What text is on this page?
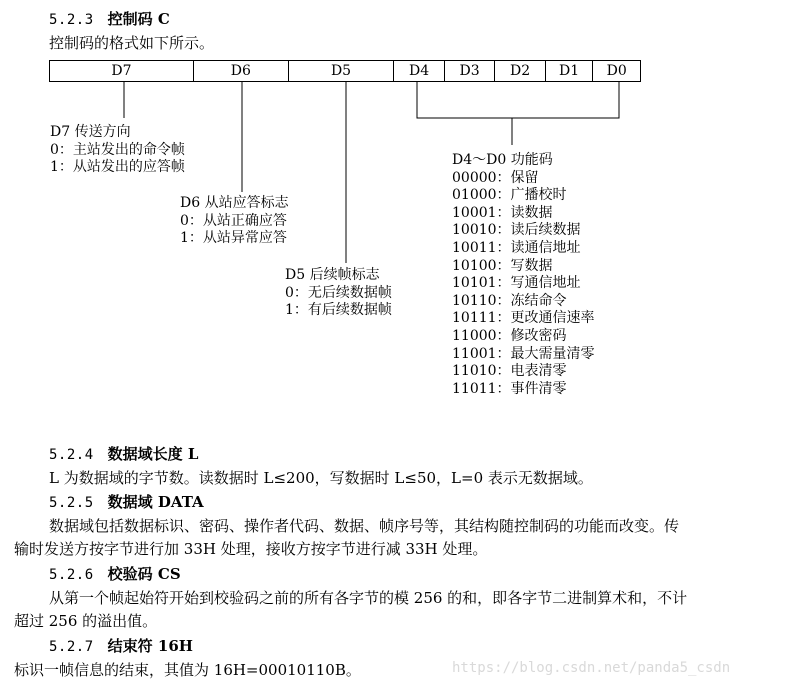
5.2.3 控制码 C
控制码的格式如下所示。
D7	D6	D5	D4	D3	D2	D1	D0
D7 传送方向
0：主站发出的命令帧
1：从站发出的应答帧
D6 从站应答标志
0：从站正确应答
1：从站异常应答
D5 后续帧标志
0：无后续数据帧
1：有后续数据帧
D4～D0 功能码
00000：保留
01000：广播校时
10001：读数据
10010：读后续数据
10011：读通信地址
10100：写数据
10101：写通信地址
10110：冻结命令
10111：更改通信速率
11000：修改密码
11001：最大需量清零
11010：电表清零
11011：事件清零
5.2.4 数据域长度 L
L 为数据域的字节数。读数据时 L≤200，写数据时 L≤50，L=0 表示无数据域。
5.2.5 数据域 DATA
数据域包括数据标识、密码、操作者代码、数据、帧序号等，其结构随控制码的功能而改变。传
输时发送方按字节进行加 33H 处理，接收方按字节进行减 33H 处理。
5.2.6 校验码 CS
从第一个帧起始符开始到校验码之前的所有各字节的模 256 的和，即各字节二进制算术和，不计
超过 256 的溢出值。
5.2.7 结束符 16H
标识一帧信息的结束，其值为 16H=00010110B。	https://blog.csdn.net/panda5_csdn
